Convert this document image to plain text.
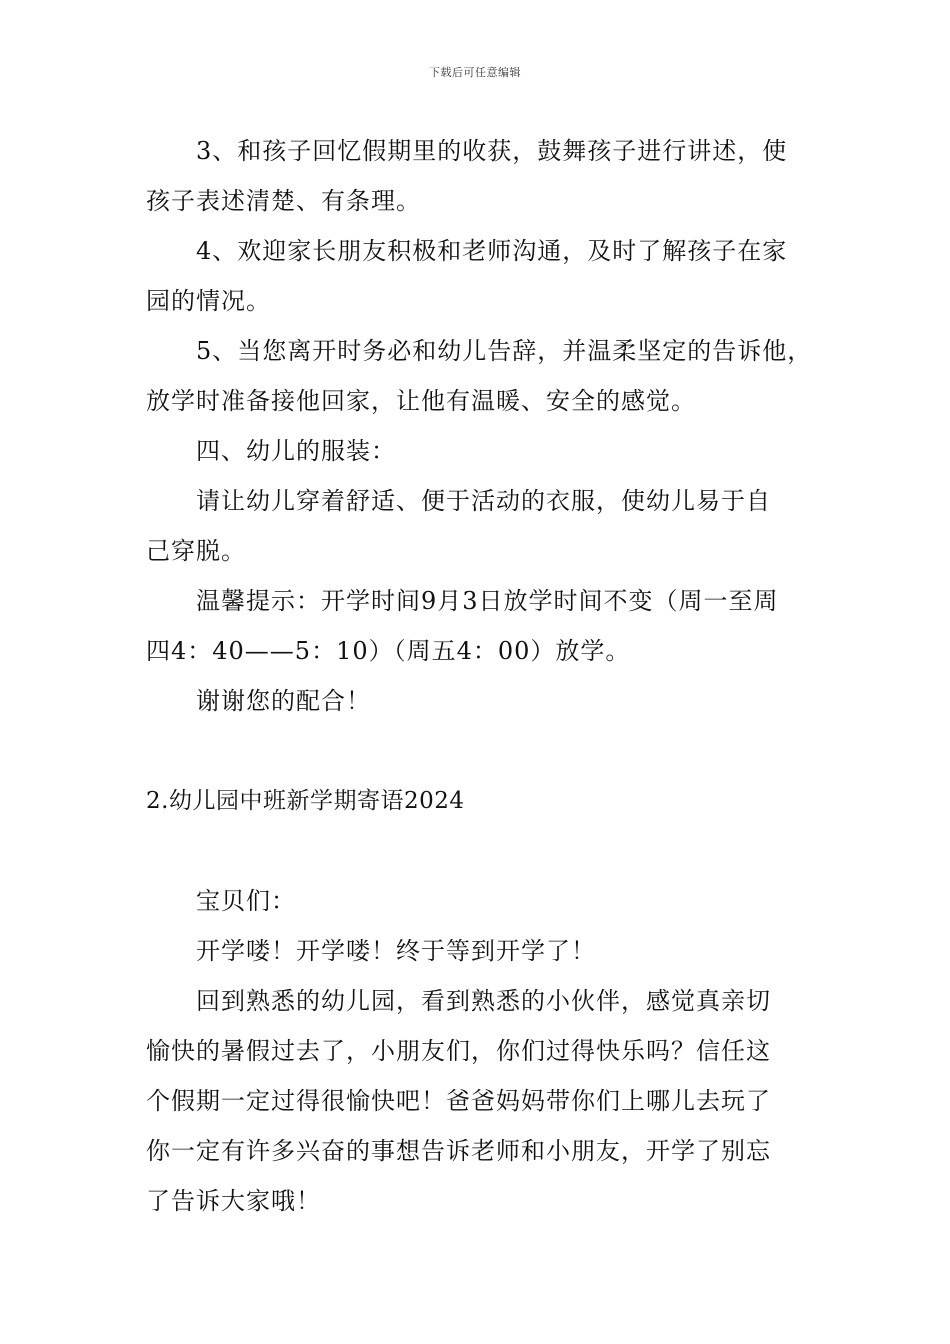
下载后可任意编辑
3、和孩子回忆假期里的收获，鼓舞孩子进行讲述，使
孩子表述清楚、有条理。
4、欢迎家长朋友积极和老师沟通，及时了解孩子在家
园的情况。
5、当您离开时务必和幼儿告辞，并温柔坚定的告诉他，
放学时准备接他回家，让他有温暖、安全的感觉。
四、幼儿的服装：
请让幼儿穿着舒适、便于活动的衣服，使幼儿易于自
己穿脱。
温馨提示：开学时间9月3日放学时间不变（周一至周
四4：40——5：10）（周五4：00）放学。
谢谢您的配合！
2.幼儿园中班新学期寄语2024
宝贝们：
开学喽！开学喽！终于等到开学了！
回到熟悉的幼儿园，看到熟悉的小伙伴，感觉真亲切
愉快的暑假过去了，小朋友们，你们过得快乐吗？信任这
个假期一定过得很愉快吧！爸爸妈妈带你们上哪儿去玩了
你一定有许多兴奋的事想告诉老师和小朋友，开学了别忘
了告诉大家哦！
